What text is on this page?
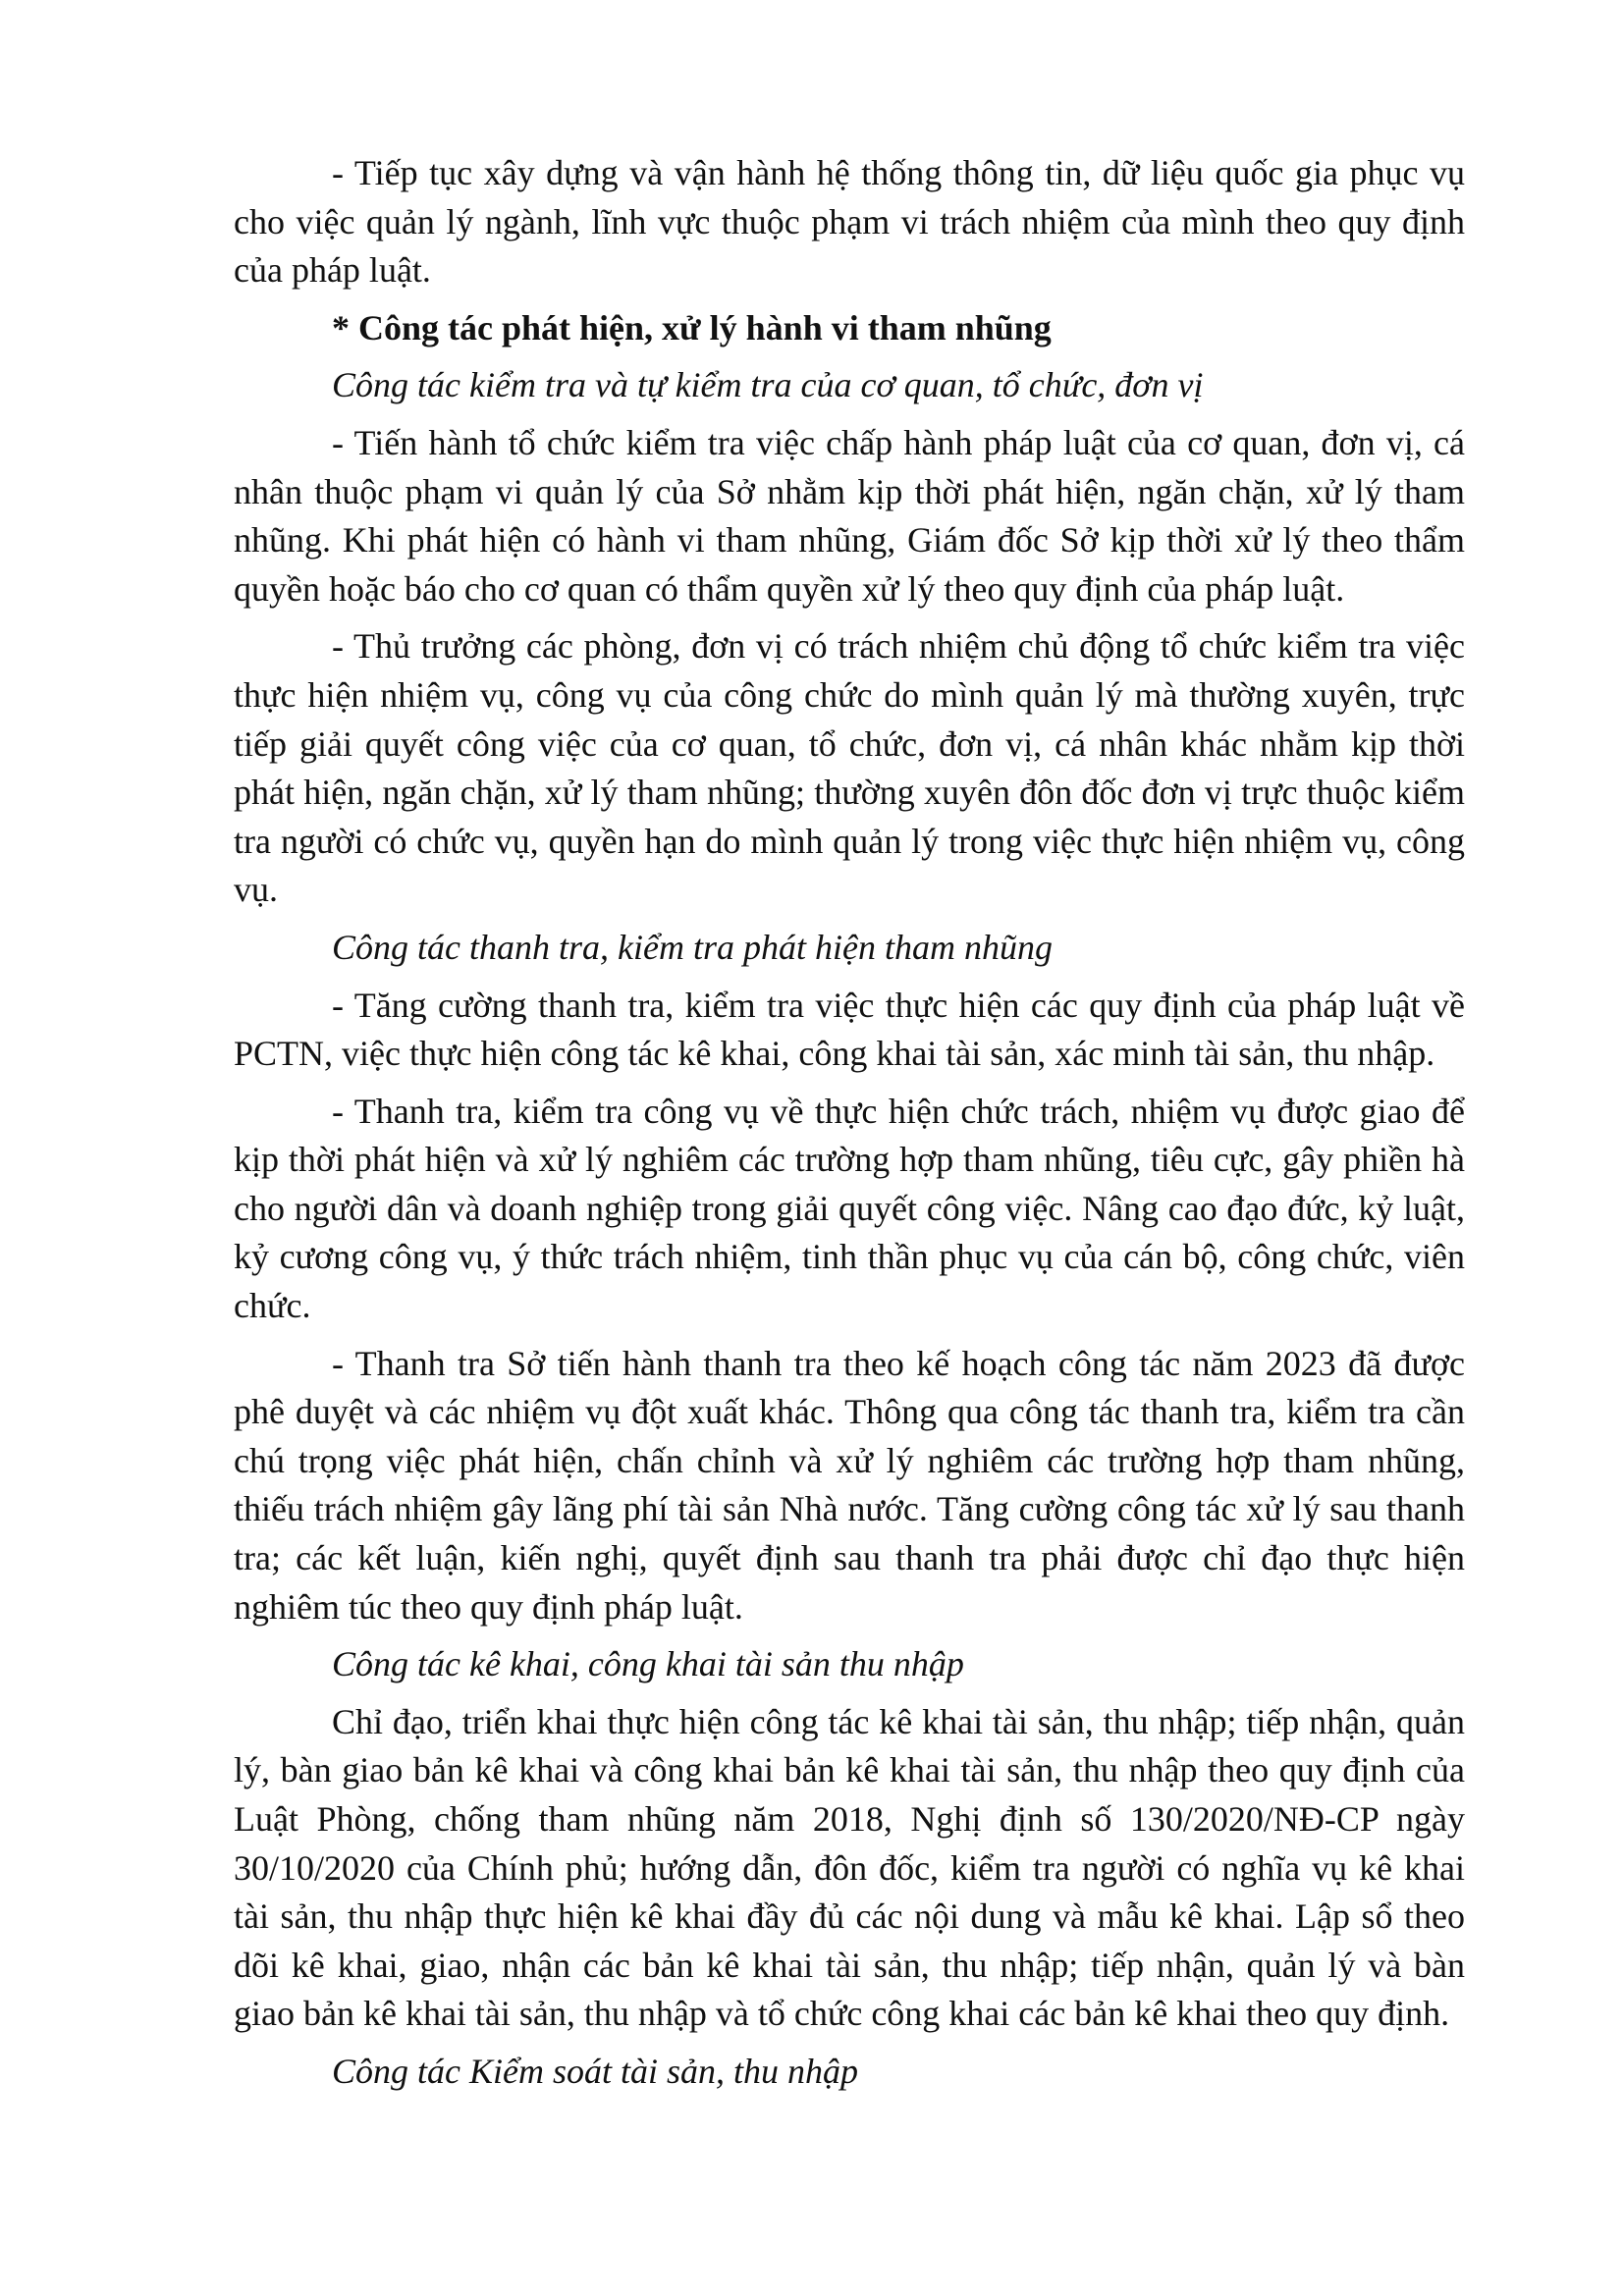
- Tiếp tục xây dựng và vận hành hệ thống thông tin, dữ liệu quốc gia phục vụ cho việc quản lý ngành, lĩnh vực thuộc phạm vi trách nhiệm của mình theo quy định của pháp luật.

* Công tác phát hiện, xử lý hành vi tham nhũng

Công tác kiểm tra và tự kiểm tra của cơ quan, tổ chức, đơn vị

- Tiến hành tổ chức kiểm tra việc chấp hành pháp luật của cơ quan, đơn vị, cá nhân thuộc phạm vi quản lý của Sở nhằm kịp thời phát hiện, ngăn chặn, xử lý tham nhũng. Khi phát hiện có hành vi tham nhũng, Giám đốc Sở kịp thời xử lý theo thẩm quyền hoặc báo cho cơ quan có thẩm quyền xử lý theo quy định của pháp luật.

- Thủ trưởng các phòng, đơn vị có trách nhiệm chủ động tổ chức kiểm tra việc thực hiện nhiệm vụ, công vụ của công chức do mình quản lý mà thường xuyên, trực tiếp giải quyết công việc của cơ quan, tổ chức, đơn vị, cá nhân khác nhằm kịp thời phát hiện, ngăn chặn, xử lý tham nhũng; thường xuyên đôn đốc đơn vị trực thuộc kiểm tra người có chức vụ, quyền hạn do mình quản lý trong việc thực hiện nhiệm vụ, công vụ.

Công tác thanh tra, kiểm tra phát hiện tham nhũng

- Tăng cường thanh tra, kiểm tra việc thực hiện các quy định của pháp luật về PCTN, việc thực hiện công tác kê khai, công khai tài sản, xác minh tài sản, thu nhập.

- Thanh tra, kiểm tra công vụ về thực hiện chức trách, nhiệm vụ được giao để kịp thời phát hiện và xử lý nghiêm các trường hợp tham nhũng, tiêu cực, gây phiền hà cho người dân và doanh nghiệp trong giải quyết công việc. Nâng cao đạo đức, kỷ luật, kỷ cương công vụ, ý thức trách nhiệm, tinh thần phục vụ của cán bộ, công chức, viên chức.

- Thanh tra Sở tiến hành thanh tra theo kế hoạch công tác năm 2023 đã được phê duyệt và các nhiệm vụ đột xuất khác. Thông qua công tác thanh tra, kiểm tra cần chú trọng việc phát hiện, chấn chỉnh và xử lý nghiêm các trường hợp tham nhũng, thiếu trách nhiệm gây lãng phí tài sản Nhà nước. Tăng cường công tác xử lý sau thanh tra; các kết luận, kiến nghị, quyết định sau thanh tra phải được chỉ đạo thực hiện nghiêm túc theo quy định pháp luật.

Công tác kê khai, công khai tài sản thu nhập

Chỉ đạo, triển khai thực hiện công tác kê khai tài sản, thu nhập; tiếp nhận, quản lý, bàn giao bản kê khai và công khai bản kê khai tài sản, thu nhập theo quy định của Luật Phòng, chống tham nhũng năm 2018, Nghị định số 130/2020/NĐ-CP ngày 30/10/2020 của Chính phủ; hướng dẫn, đôn đốc, kiểm tra người có nghĩa vụ kê khai tài sản, thu nhập thực hiện kê khai đầy đủ các nội dung và mẫu kê khai. Lập sổ theo dõi kê khai, giao, nhận các bản kê khai tài sản, thu nhập; tiếp nhận, quản lý và bàn giao bản kê khai tài sản, thu nhập và tổ chức công khai các bản kê khai theo quy định.

Công tác Kiểm soát tài sản, thu nhập
